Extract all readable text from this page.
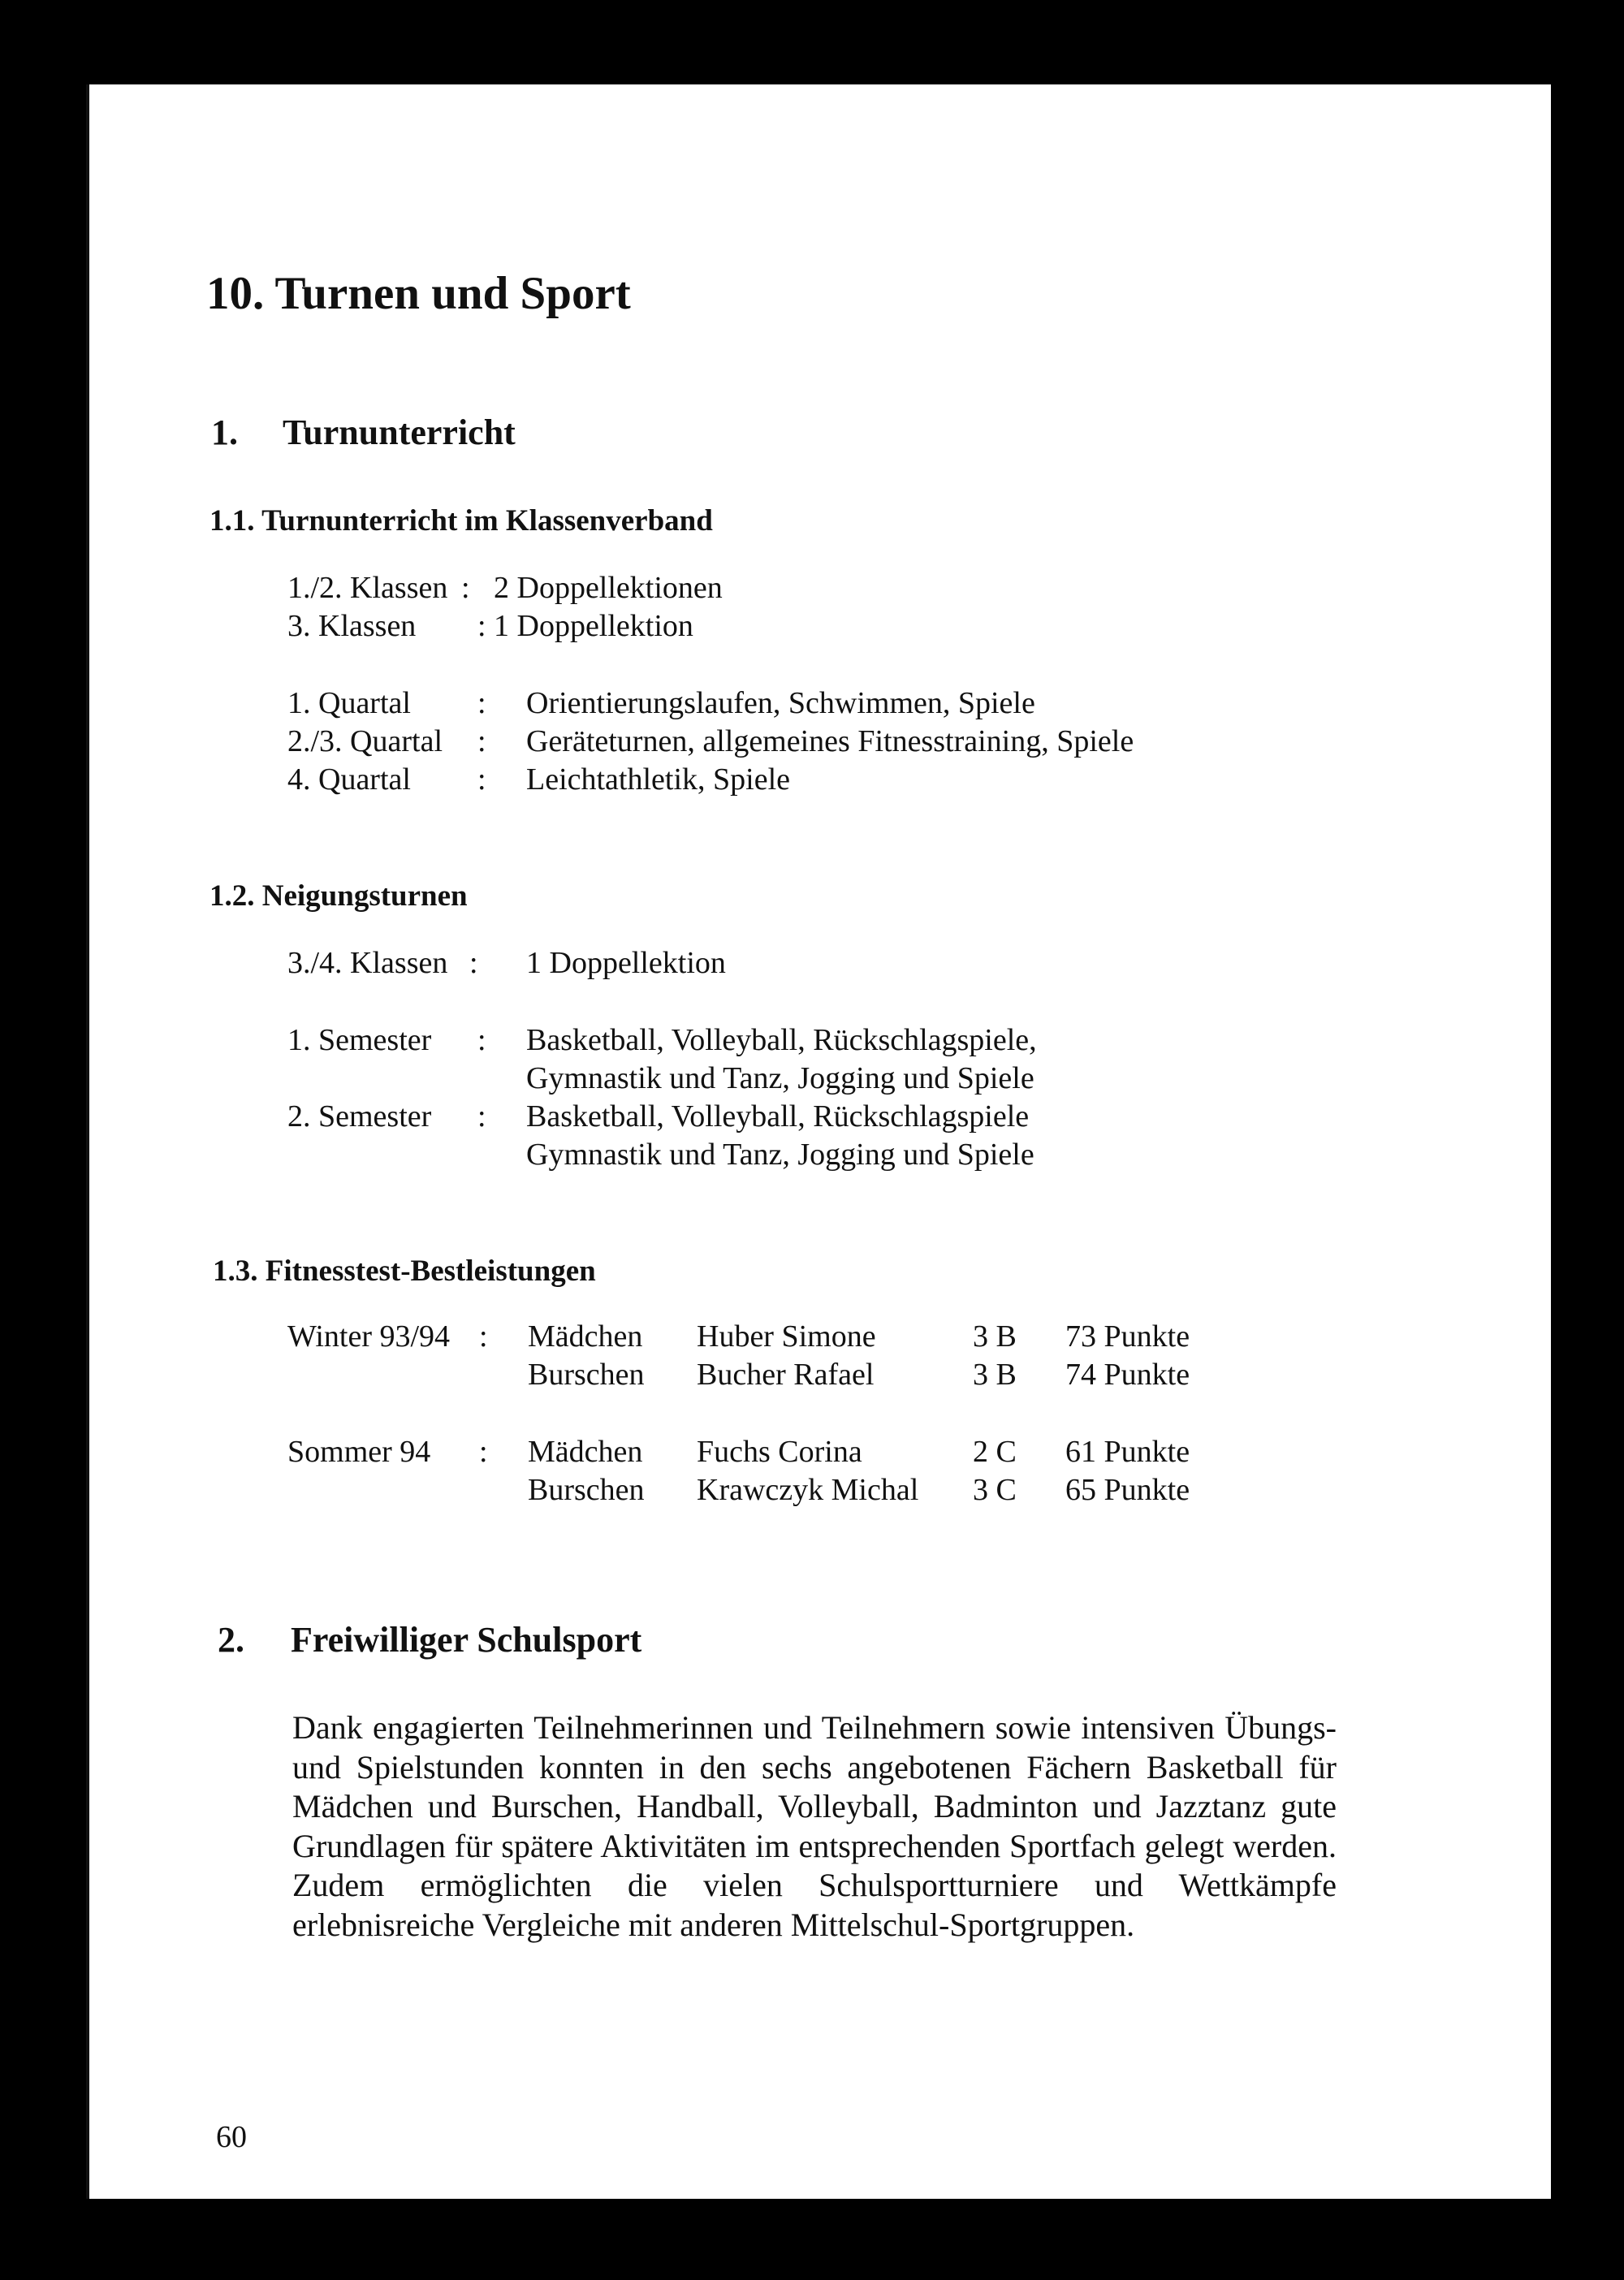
10. Turnen und Sport
1. Turnunterricht
1.1. Turnunterricht im Klassenverband
1./2. Klassen : 2 Doppellektionen
3. Klassen : 1 Doppellektion
1. Quartal : Orientierungslaufen, Schwimmen, Spiele
2./3. Quartal : Geräteturnen, allgemeines Fitnesstraining, Spiele
4. Quartal : Leichtathletik, Spiele
1.2. Neigungsturnen
3./4. Klassen : 1 Doppellektion
1. Semester : Basketball, Volleyball, Rückschlagspiele,
Gymnastik und Tanz, Jogging und Spiele
2. Semester : Basketball, Volleyball, Rückschlagspiele
Gymnastik und Tanz, Jogging und Spiele
1.3. Fitnesstest-Bestleistungen
Winter 93/94 : Mädchen Huber Simone	3 B 73 Punkte
Burschen Bucher Rafael	3 B 74 Punkte
Sommer 94 : Mädchen Fuchs Corina	2 C 61 Punkte
Burschen Krawczyk Michal 3 C 65 Punkte
2. Freiwilliger Schulsport
Dank engagierten Teilnehmerinnen und Teilnehmern sowie intensiven Übungs- und Spielstunden konnten in den sechs angebotenen Fächern Basketball für Mädchen und Burschen, Handball, Volleyball, Badminton und Jazztanz gute Grundlagen für spätere Aktivitäten im entsprechenden Sportfach gelegt werden. Zudem ermöglichten die vielen Schulsportturniere und Wettkämpfe erlebnisreiche Vergleiche mit anderen Mittelschul-Sportgruppen.
60
